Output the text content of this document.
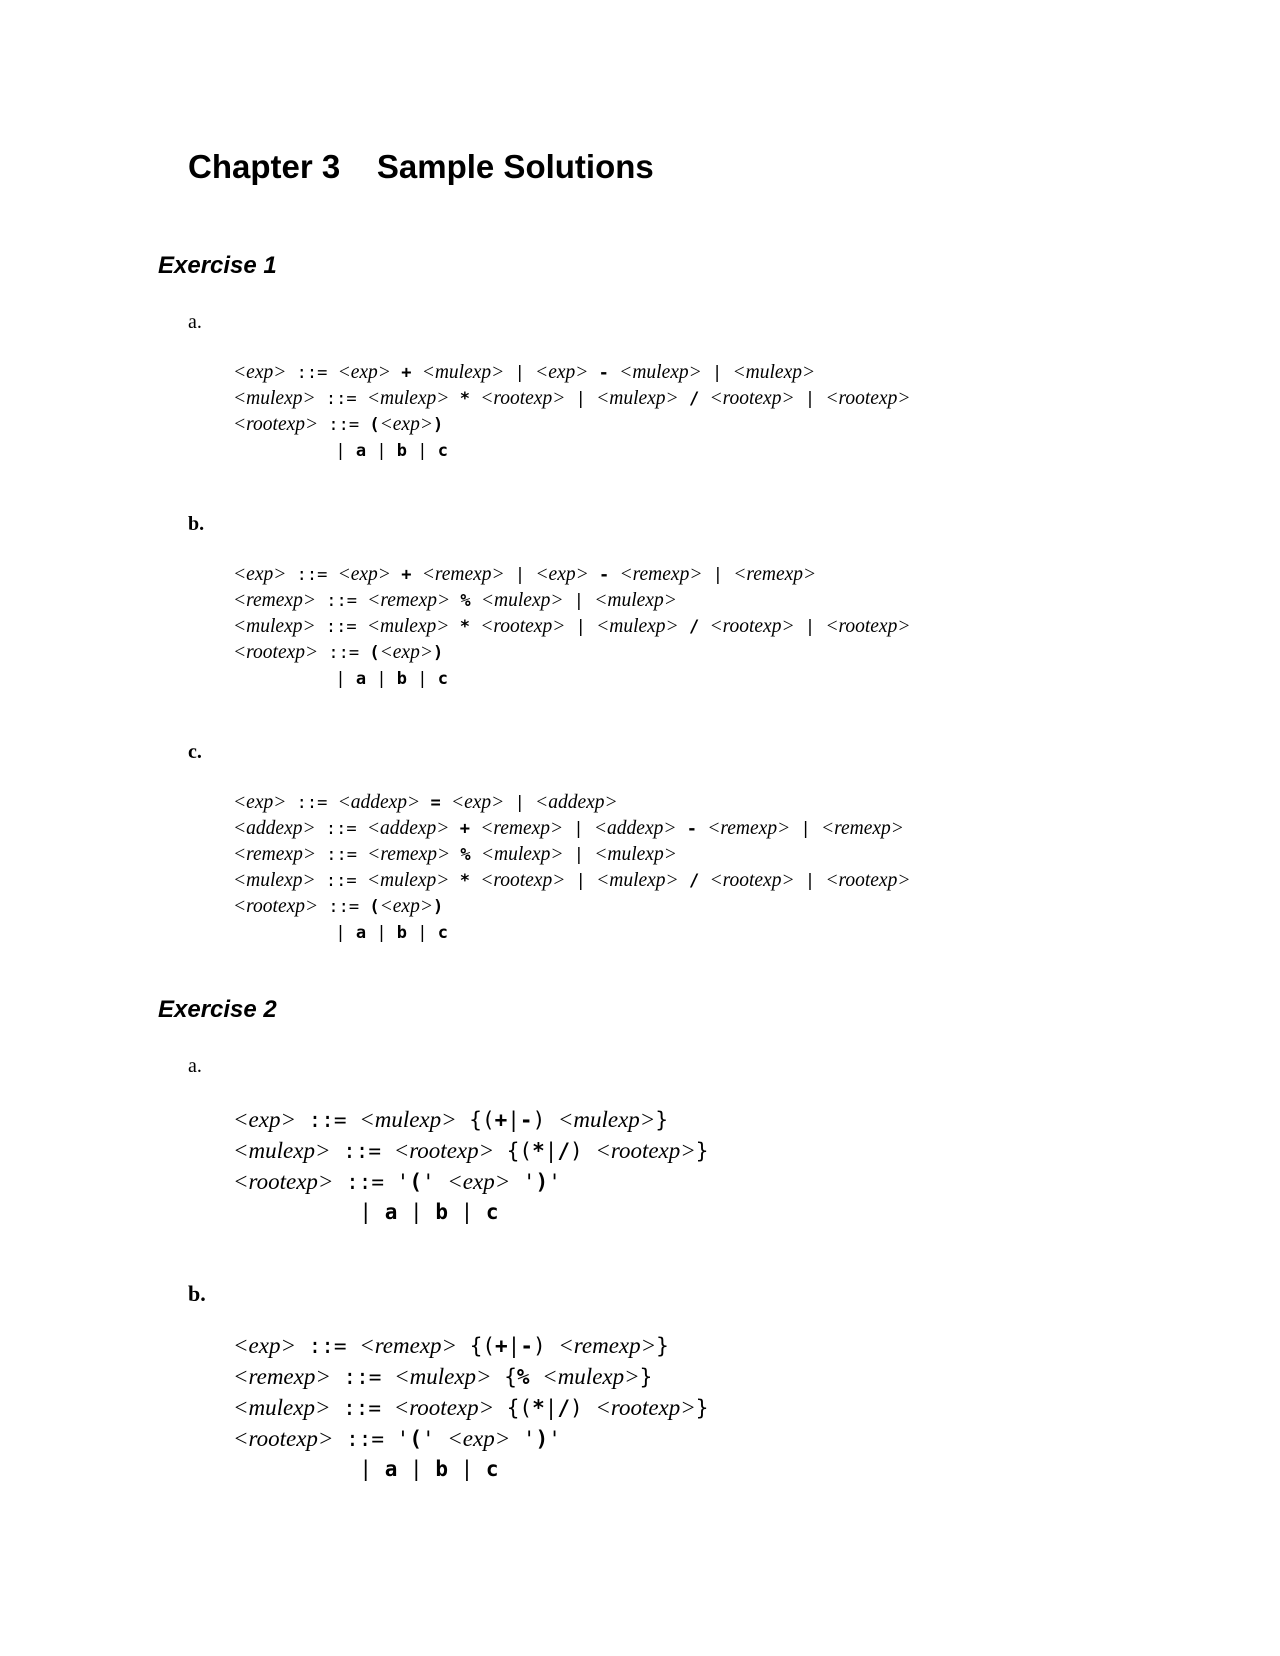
Chapter 3    Sample Solutions
Exercise 1

a.

<exp> ::= <exp> + <mulexp> | <exp> - <mulexp> | <mulexp>
<mulexp> ::= <mulexp> * <rootexp> | <mulexp> / <rootexp> | <rootexp>
<rootexp> ::= (<exp>)
| a | b | c

b.

<exp> ::= <exp> + <remexp> | <exp> - <remexp> | <remexp>
<remexp> ::= <remexp> % <mulexp> | <mulexp>
<mulexp> ::= <mulexp> * <rootexp> | <mulexp> / <rootexp> | <rootexp>
<rootexp> ::= (<exp>)
| a | b | c

c.

<exp> ::= <addexp> = <exp> | <addexp>
<addexp> ::= <addexp> + <remexp> | <addexp> - <remexp> | <remexp>
<remexp> ::= <remexp> % <mulexp> | <mulexp>
<mulexp> ::= <mulexp> * <rootexp> | <mulexp> / <rootexp> | <rootexp>
<rootexp> ::= (<exp>)
| a | b | c
Exercise 2

a.

<exp> ::= <mulexp> {(+|-) <mulexp>}
<mulexp> ::= <rootexp> {(*|/) <rootexp>}
<rootexp> ::= '(' <exp> ')'
| a | b | c

b.

<exp> ::= <remexp> {(+|-) <remexp>}
<remexp> ::= <mulexp> {% <mulexp>}
<mulexp> ::= <rootexp> {(*|/) <rootexp>}
<rootexp> ::= '(' <exp> ')'
| a | b | c
